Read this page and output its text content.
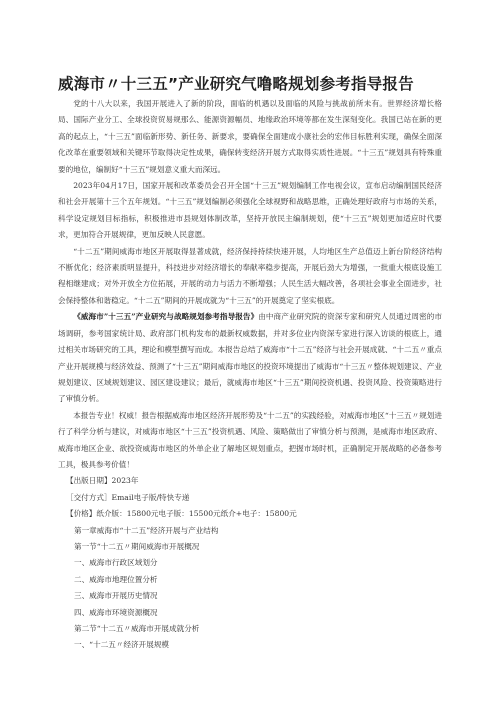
威海市〃十三五”产业研究气噜略规划参考指导报告

党的十八大以来，我国开展进入了新的阶段，面临的机遇以及面临的风险与挑战前所未有。世界经济增长格局、国际产业分工、全球投资贸易规那么、能源资源幅员、地缘政治环境等都在发生深刻变化。我国已站在新的更高的起点上，“十三五”面临新形势、新任务、新要求，要确保全面建成小康社会的宏伟目标胜利实现，确保全面深化改革在重要领域和关键环节取得决定性成果，确保转变经济开展方式取得实质性进展。“十三五”规划具有特殊重要的地位，编制好“十三五”规划意义重大而深远。

2023年04月17日，国家开展和改革委员会召开全国“十三五”规划编制工作电视会议，宣布启动编制国民经济和社会开展第十三个五年规划。“十三五”规划编制必须强化全球视野和战略思维，正确处理好政府与市场的关系，科学设定规划目标指标，积极推进市县规划体制改革，坚持开放民主编制规划，使“十三五”规划更加适应时代要求，更加符合开展规律，更加反映人民意愿。

“十二五”期间威海市地区开展取得显著成就，经济保持持续快速开展，人均地区生产总值迈上新台阶经济结构不断优化；经济素质明显提升，科技进步对经济增长的奉献率稳步提高，开展后劲大为增强，一批重大根底设施工程相继建成；对外开放全方位拓展，开展的动力与活力不断增强；人民生活大幅改善，各项社会事业全面进步，社会保持整体和谐稳定。“十二五”期间的开展成就为“十三五”的开展奠定了坚实根底。

《威海市”十三五”产业研究与战略规划参考指导报告》由中商产业研究院的资深专家和研究人员通过周密的市场调研，参考国家统计局、政府部门机构发布的最新权威数据，并对多位业内资深专家进行深入访谈的根底上，通过相关市场研究的工具，理论和模型撰写而成。本报告总结了威海市“十二五”经济与社会开展成就、“十二五〃重点产业开展规模与经济效益、预测了“十三五”期间威海市地区的投资环境提出了威海市“十三五〃整体规划建议、产业规划建议、区域规划建议、园区建设建议；最后，就威海市地区“十三五”期间投资机遇、投资风险、投资策略进行了审慎分析。

本报告专业！权威！报告根据威海市地区经济开展形势及“十二五”的实践经验，对威海市地区“十三五〃规划进行了科学分析与建议，对威海市地区“十三五”投资机遇、风险、策略做出了审慎分析与预测，是威海市地区政府、威海市地区企业、欲投资威海市地区的外单企业了解地区规划重点，把握市场时机，正确制定开展战略的必备参考工具，极具参考价值！

【出版日期】2023年

［交付方式］Email电子版/特快专递

【价格】纸介版：15800元电子版：15500元纸介+电子：15800元

第一章威海市“十二五”经济开展与产业结构

第一节“十二五〃期间威海市开展概况

一、威海市行政区域划分

二、威海市地理位置分析

三、威海市开展历史情况

四、威海市环境资源概况

第二节“十二五〃威海市开展成就分析

一、“十二五〃经济开展规模
